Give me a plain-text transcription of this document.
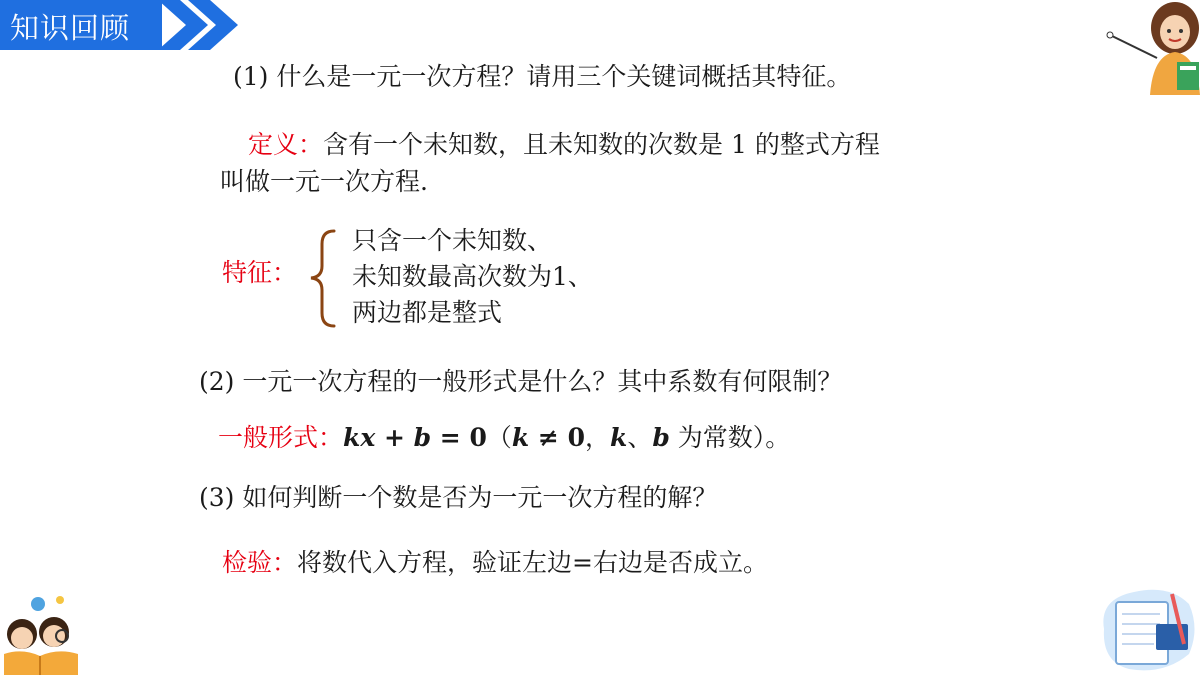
知识回顾
(1) 什么是一元一次方程？请用三个关键词概括其特征。
定义：含有一个未知数，且未知数的次数是 1 的整式方程
叫做一元一次方程.
特征：
只含一个未知数、
未知数最高次数为1、
两边都是整式
(2) 一元一次方程的一般形式是什么？其中系数有何限制？
一般形式：kx + b = 0（k ≠ 0，k、b 为常数）。
(3) 如何判断一个数是否为一元一次方程的解？
检验：将数代入方程，验证左边=右边是否成立。
